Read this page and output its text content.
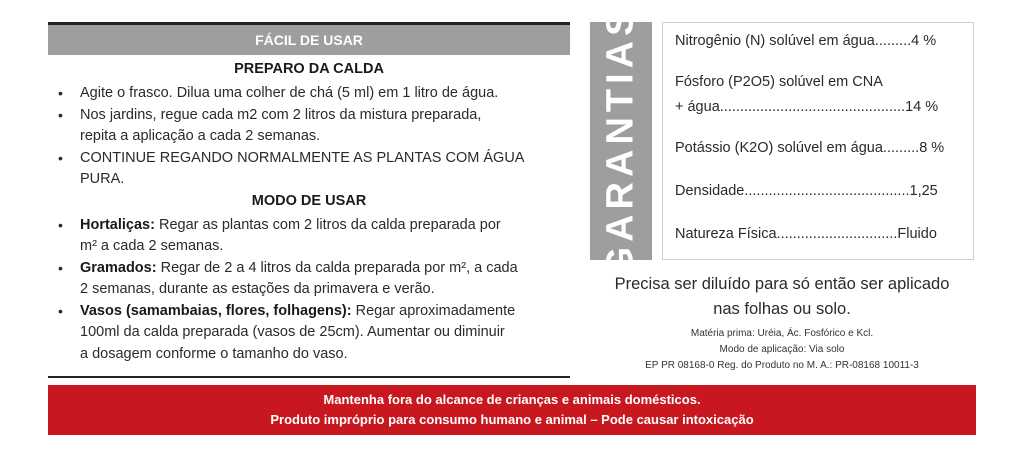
FÁCIL DE USAR
PREPARO DA CALDA
• Agite o frasco. Dilua uma colher de chá (5 ml) em 1 litro de água.
• Nos jardins, regue cada m2 com 2 litros da mistura preparada,
repita a aplicação a cada 2 semanas.
• CONTINUE REGANDO NORMALMENTE AS PLANTAS COM ÁGUA
PURA.
MODO DE USAR
• Hortaliças: Regar as plantas com 2 litros da calda preparada por
m² a cada 2 semanas.
• Gramados: Regar de 2 a 4 litros da calda preparada por m², a cada
2 semanas, durante as estações da primavera e verão.
• Vasos (samambaias, flores, folhagens): Regar aproximadamente
100ml da calda preparada (vasos de 25cm). Aumentar ou diminuir
a dosagem conforme o tamanho do vaso.
GARANTIAS Nitrogênio (N) solúvel em água.........4 %
Fósforo (P2O5) solúvel em CNA
+ água..............................................14 %
Potássio (K2O) solúvel em água.........8 %
Densidade.........................................1,25
Natureza Física..............................Fluido
Precisa ser diluído para só então ser aplicado
nas folhas ou solo.
Matéria prima: Uréia, Ác. Fosfórico e Kcl.
Modo de aplicação: Via solo
EP PR 08168-0 Reg. do Produto no M. A.: PR-08168 10011-3
Mantenha fora do alcance de crianças e animais domésticos.
Produto impróprio para consumo humano e animal – Pode causar intoxicação
